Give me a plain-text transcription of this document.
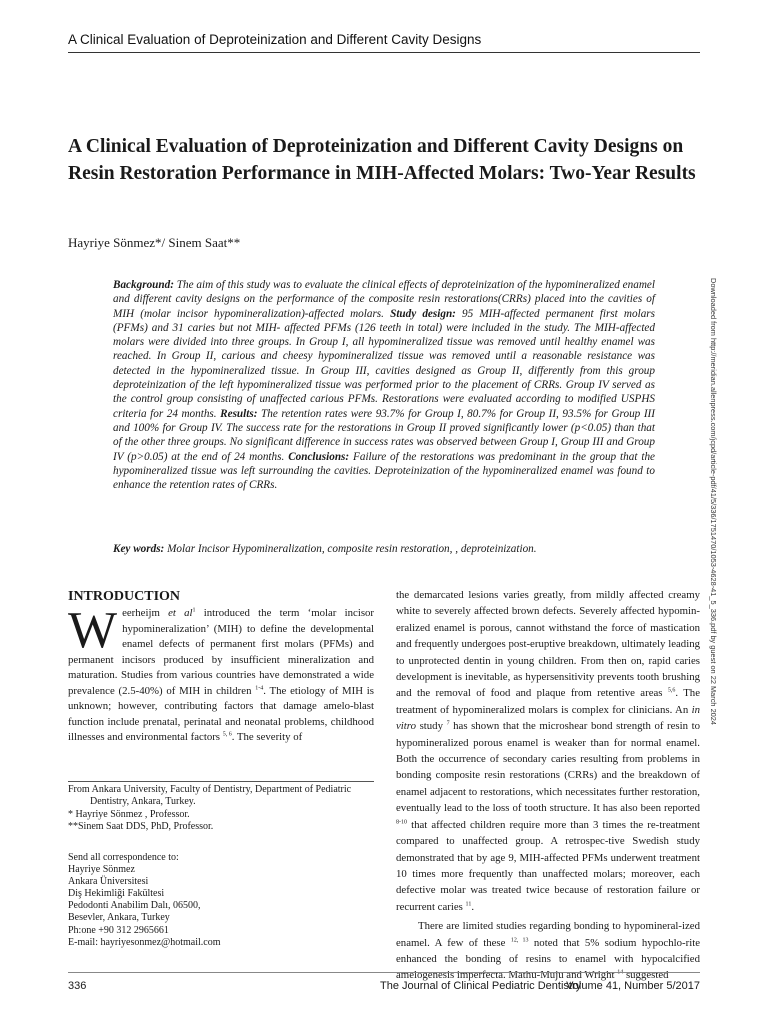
A Clinical Evaluation of Deproteinization and Different Cavity Designs
A Clinical Evaluation of Deproteinization and Different Cavity Designs on Resin Restoration Performance in MIH-Affected Molars: Two-Year Results
Hayriye Sönmez*/ Sinem Saat**

Background: The aim of this study was to evaluate the clinical effects of deproteinization of the hypomineralized enamel and different cavity designs on the performance of the composite resin restorations(CRRs) placed into the cavities of MIH (molar incisor hypomineralization)-affected molars. Study design: 95 MIH-affected permanent first molars (PFMs) and 31 caries but not MIH- affected PFMs (126 teeth in total) were included in the study. The MIH-affected molars were divided into three groups. In Group I, all hypomineralized tissue was removed until healthy enamel was reached. In Group II, carious and cheesy hypomineralized tissue was removed until a reasonable resistance was detected in the hypomineralized tissue. In Group III, cavities designed as Group II, differently from this group deproteinization of the left hypomineralized tissue was performed prior to the placement of CRRs. Group IV served as the control group consisting of unaffected carious PFMs. Restorations were evaluated according to modified USPHS criteria for 24 months. Results: The retention rates were 93.7% for Group I, 80.7% for Group II, 93.5% for Group III and 100% for Group IV. The success rate for the restorations in Group II proved significantly lower (p<0.05) than that of the other three groups. No significant difference in success rates was observed between Group I, Group III and Group IV (p>0.05) at the end of 24 months. Conclusions: Failure of the restorations was predominant in the group that the hypomineralized tissue was left surrounding the cavities. Deproteinization of the hypomineralized enamel was found to enhance the retention rates of CRRs.

Key words: Molar Incisor Hypomineralization, composite resin restoration, , deproteinization.	Downloaded from http://meridian.allenpress.com/jcpd/article-pdf/41/5/336/1751470/1053-4628-41_5_336.pdf by guest on 22 March 2024
INTRODUCTION

Weerheijm et $al^1$ introduced the term ‘molar incisor hypomineralization’ (MIH) to define the developmental enamel defects of permanent first molars (PFMs) and permanent incisors produced by insufficient mineralization and maturation. Studies from various countries have demonstrated a wide prevalence (2.5-40%) of MIH in children $^{1-4}$. The etiology of MIH is unknown; however, contributing factors that damage amelo-blast function include prenatal, perinatal and neonatal problems, childhood illnesses and environmental factors $^{5, 6}$. The severity of

the demarcated lesions varies greatly, from mildly affected creamy white to severely affected brown defects. Severely affected hypomin-eralized enamel is porous, cannot withstand the force of mastication and frequently undergoes post-eruptive breakdown, ultimately leading to unprotected dentin in young children. From then on, rapid caries development is inevitable, as hypersensitivity prevents tooth brushing and the removal of food and plaque from retentive areas $^{5,6}$. The treatment of hypomineralized molars is complex for clinicians. An in vitro study $^7$ has shown that the microshear bond strength of resin to hypomineralized porous enamel is weaker than for normal enamel. Both the occurrence of secondary caries resulting from problems in bonding composite resin restorations (CRRs) and the breakdown of enamel adjacent to restorations, which necessitates further restoration, eventually lead to the loss of tooth structure. It has also been reported $^{8-10}$ that affected children require more than 3 times the re-treatment compared to unaffected group. A retrospec-tive Swedish study demonstrated that by age 9, MIH-affected PFMs underwent treatment 10 times more frequently than unaffected molars; moreover, each defective molar was treated twice because of restoration failure or recurrent caries $^{11}$.

There are limited studies regarding bonding to hypomineral-ized enamel. A few of these $^{12, 13}$ noted that 5% sodium hypochlo-rite enhanced the bonding of resins to enamel with hypocalcified amelogenesis imperfecta. Mathu-Muju and Wright $^{14}$ suggested

From Ankara University, Faculty of Dentistry, Department of Pediatric
Dentistry, Ankara, Turkey.
* Hayriye Sönmez , Professor.
**Sinem Saat DDS, PhD, Professor.
Send all correspondence to:
Hayriye Sönmez
Ankara Üniversitesi
Diş Hekimliği Fakültesi
Pedodonti Anabilim Dalı, 06500,
Besevler, Ankara, Turkey
Ph:one +90 312 2965661
E-mail: hayriyesonmez@hotmail.com
336	The Journal of Clinical Pediatric Dentistry
Volume 41, Number 5/2017
